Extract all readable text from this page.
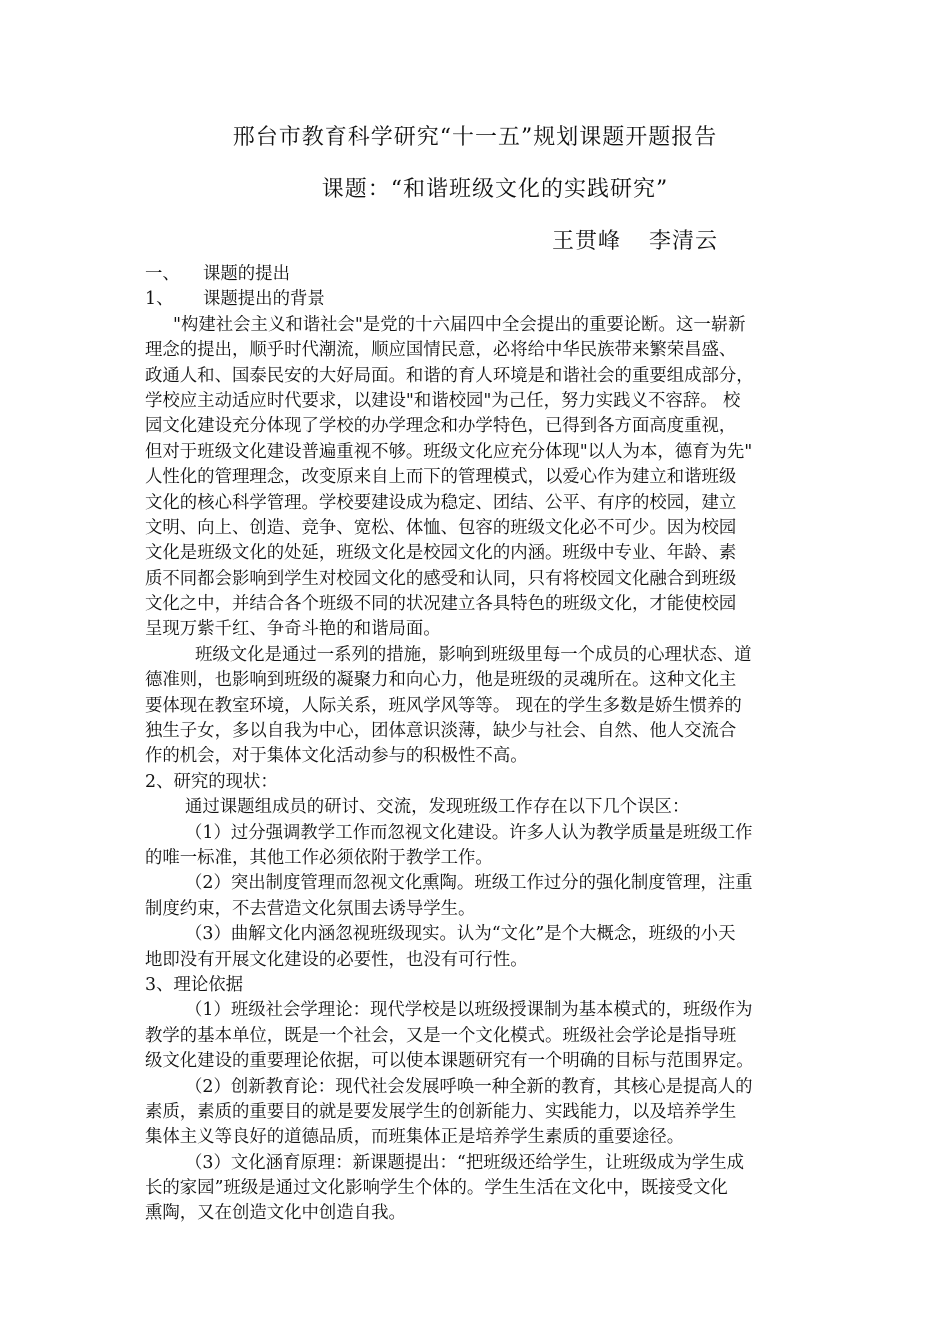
邢台市教育科学研究“十一五”规划课题开题报告
课题：“和谐班级文化的实践研究”
王贯峰 李清云
一、 课题的提出
1、 课题提出的背景
"构建社会主义和谐社会"是党的十六届四中全会提出的重要论断。这一崭新
理念的提出，顺乎时代潮流，顺应国情民意，必将给中华民族带来繁荣昌盛、
政通人和、国泰民安的大好局面。和谐的育人环境是和谐社会的重要组成部分，
学校应主动适应时代要求，以建设"和谐校园"为己任，努力实践义不容辞。 校
园文化建设充分体现了学校的办学理念和办学特色，已得到各方面高度重视，
但对于班级文化建设普遍重视不够。班级文化应充分体现"以人为本，德育为先"
人性化的管理理念，改变原来自上而下的管理模式，以爱心作为建立和谐班级
文化的核心科学管理。学校要建设成为稳定、团结、公平、有序的校园，建立
文明、向上、创造、竞争、宽松、体恤、包容的班级文化必不可少。因为校园
文化是班级文化的处延，班级文化是校园文化的内涵。班级中专业、年龄、素
质不同都会影响到学生对校园文化的感受和认同，只有将校园文化融合到班级
文化之中，并结合各个班级不同的状况建立各具特色的班级文化，才能使校园
呈现万紫千红、争奇斗艳的和谐局面。
班级文化是通过一系列的措施，影响到班级里每一个成员的心理状态、道
德准则，也影响到班级的凝聚力和向心力，他是班级的灵魂所在。这种文化主
要体现在教室环境，人际关系，班风学风等等。 现在的学生多数是娇生惯养的
独生子女，多以自我为中心，团体意识淡薄，缺少与社会、自然、他人交流合
作的机会，对于集体文化活动参与的积极性不高。
2、研究的现状：
通过课题组成员的研讨、交流，发现班级工作存在以下几个误区：
（1）过分强调教学工作而忽视文化建设。许多人认为教学质量是班级工作
的唯一标准，其他工作必须依附于教学工作。
（2）突出制度管理而忽视文化熏陶。班级工作过分的强化制度管理，注重
制度约束，不去营造文化氛围去诱导学生。
（3）曲解文化内涵忽视班级现实。认为“文化”是个大概念，班级的小天
地即没有开展文化建设的必要性，也没有可行性。
3、理论依据
（1）班级社会学理论：现代学校是以班级授课制为基本模式的，班级作为
教学的基本单位，既是一个社会，又是一个文化模式。班级社会学论是指导班
级文化建设的重要理论依据，可以使本课题研究有一个明确的目标与范围界定。
（2）创新教育论：现代社会发展呼唤一种全新的教育，其核心是提高人的
素质，素质的重要目的就是要发展学生的创新能力、实践能力，以及培养学生
集体主义等良好的道德品质，而班集体正是培养学生素质的重要途径。
（3）文化涵育原理：新课题提出：“把班级还给学生，让班级成为学生成
长的家园”班级是通过文化影响学生个体的。学生生活在文化中，既接受文化
熏陶，又在创造文化中创造自我。
